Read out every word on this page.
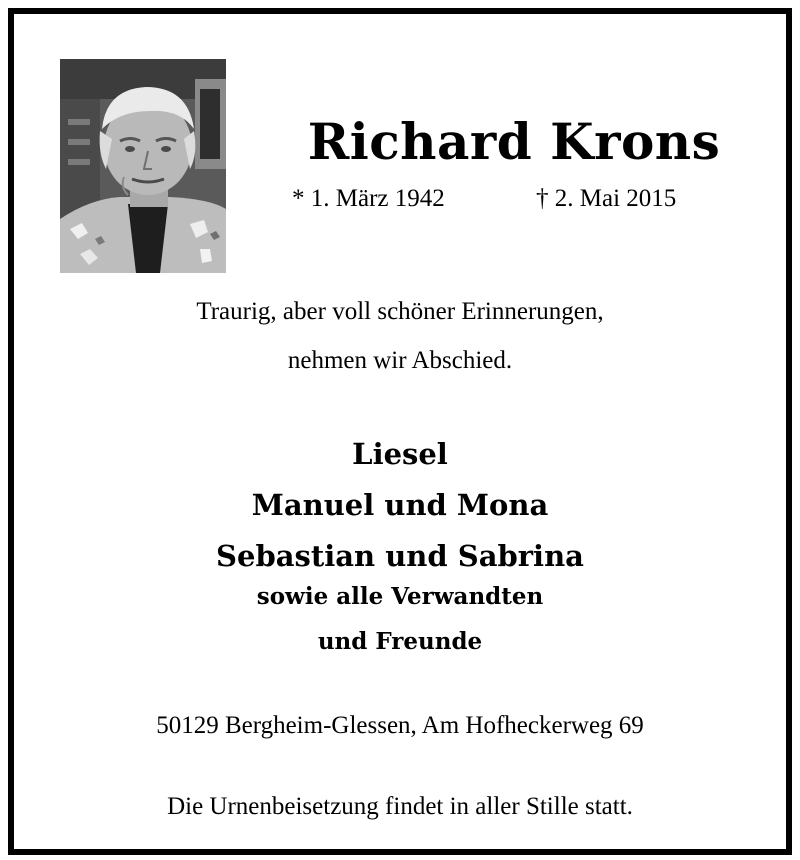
Richard Krons
* 1. März 1942	† 2. Mai 2015
Traurig, aber voll schöner Erinnerungen,
nehmen wir Abschied.
Liesel
Manuel und Mona
Sebastian und Sabrina
sowie alle Verwandten
und Freunde
50129 Bergheim-Glessen, Am Hofheckerweg 69
Die Urnenbeisetzung findet in aller Stille statt.
